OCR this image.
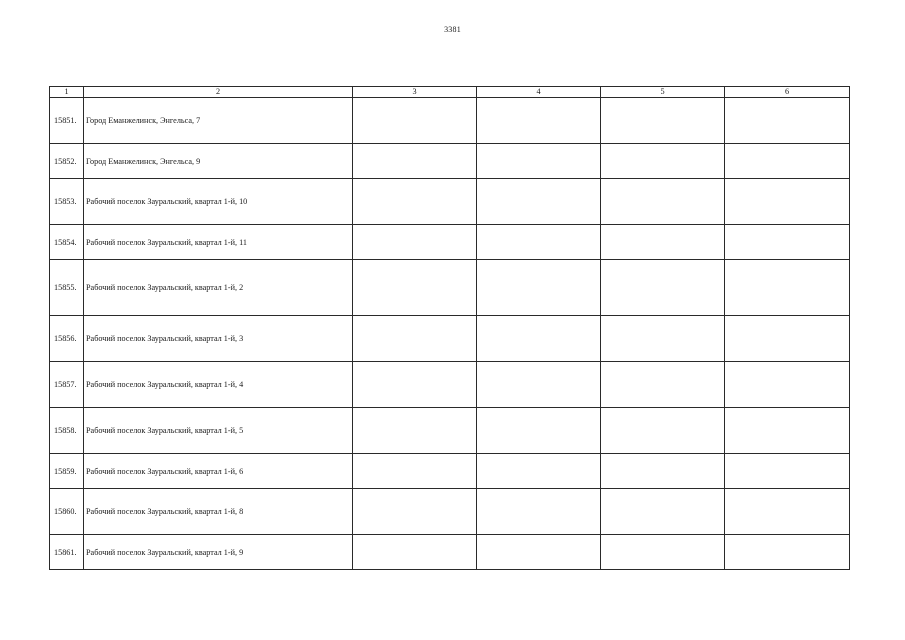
3381
1	2	3	4	5	6
15851.	Город Еманжелинск, Энгельса, 7				
15852.	Город Еманжелинск, Энгельса, 9				
15853.	Рабочий поселок Зауральский, квартал 1-й, 10				
15854.	Рабочий поселок Зауральский, квартал 1-й, 11				
15855.	Рабочий поселок Зауральский, квартал 1-й, 2				
15856.	Рабочий поселок Зауральский, квартал 1-й, 3				
15857.	Рабочий поселок Зауральский, квартал 1-й, 4				
15858.	Рабочий поселок Зауральский, квартал 1-й, 5				
15859.	Рабочий поселок Зауральский, квартал 1-й, 6				
15860.	Рабочий поселок Зауральский, квартал 1-й, 8				
15861.	Рабочий поселок Зауральский, квартал 1-й, 9				
